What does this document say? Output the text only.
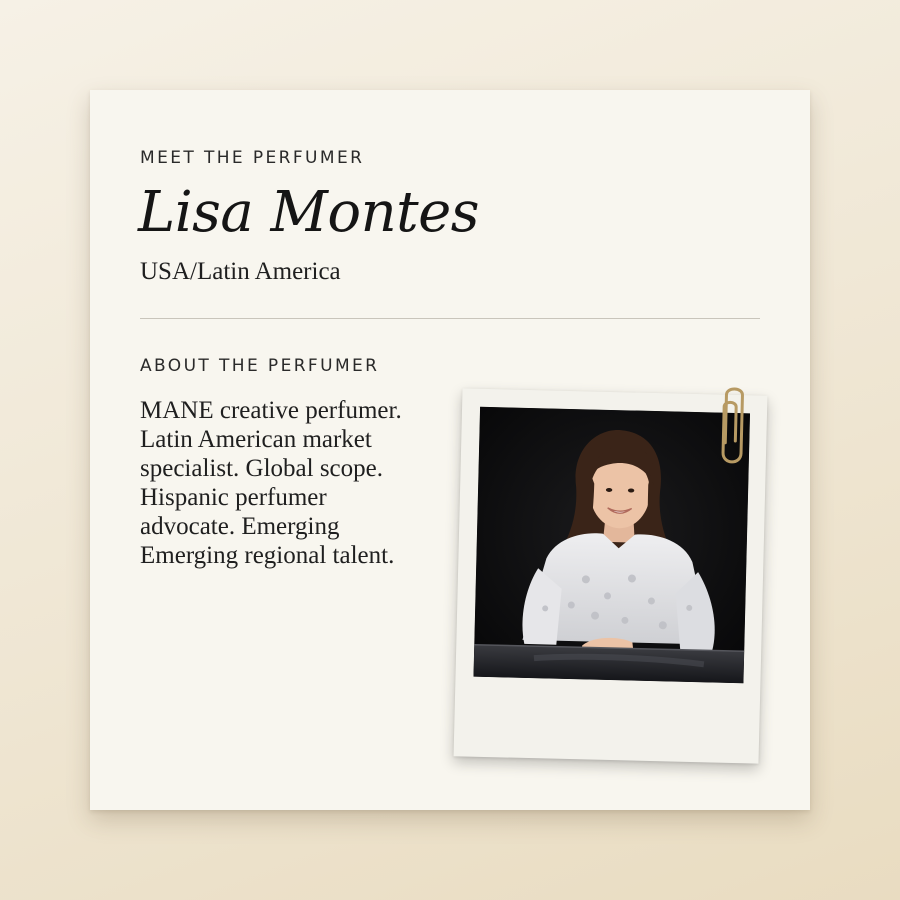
MEET THE PERFUMER

Lisa Montes

USA/Latin America

ABOUT THE PERFUMER

MANE creative perfumer.
Latin American market
specialist. Global scope.
Hispanic perfumer
advocate. Emerging
Emerging regional talent.
